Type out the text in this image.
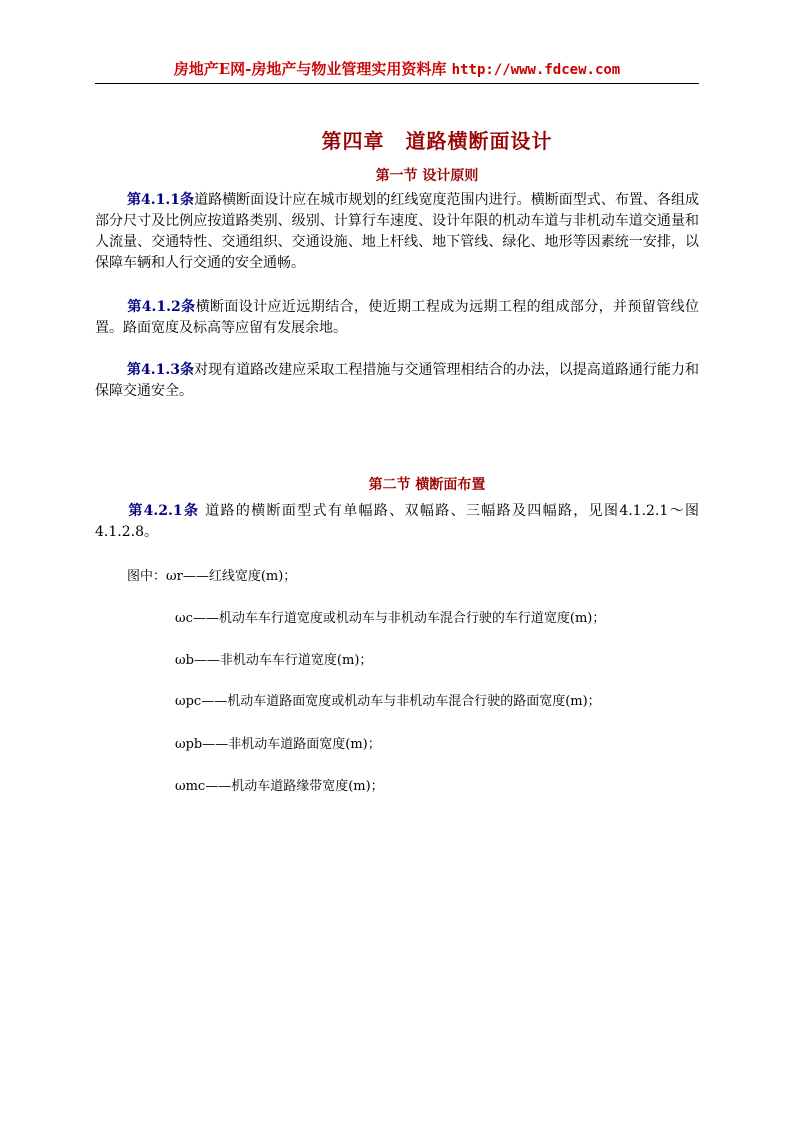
房地产E网-房地产与物业管理实用资料库 http://www.fdcew.com
第四章　道路横断面设计
第一节 设计原则
第4.1.1条道路横断面设计应在城市规划的红线宽度范围内进行。横断面型式、布置、各组成部分尺寸及比例应按道路类别、级别、计算行车速度、设计年限的机动车道与非机动车道交通量和人流量、交通特性、交通组织、交通设施、地上杆线、地下管线、绿化、地形等因素统一安排，以保障车辆和人行交通的安全通畅。
第4.1.2条横断面设计应近远期结合，使近期工程成为远期工程的组成部分，并预留管线位置。路面宽度及标高等应留有发展余地。
第4.1.3条对现有道路改建应采取工程措施与交通管理相结合的办法，以提高道路通行能力和保障交通安全。
第二节 横断面布置
第4.2.1条 道路的横断面型式有单幅路、双幅路、三幅路及四幅路，见图4.1.2.1～图4.1.2.8。
图中：ωr——红线宽度(m)；
ωc——机动车车行道宽度或机动车与非机动车混合行驶的车行道宽度(m)；
ωb——非机动车车行道宽度(m)；
ωpc——机动车道路面宽度或机动车与非机动车混合行驶的路面宽度(m)；
ωpb——非机动车道路面宽度(m)；
ωmc——机动车道路缘带宽度(m)；
